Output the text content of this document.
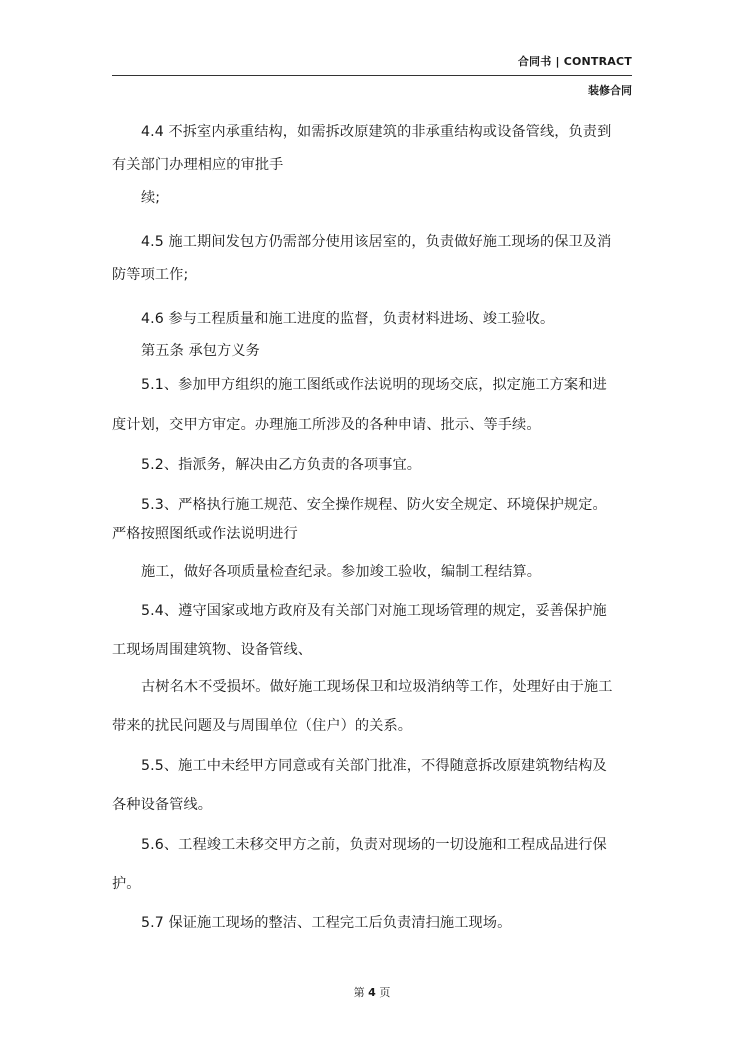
合同书 | CONTRACT
装修合同
4.4 不拆室内承重结构，如需拆改原建筑的非承重结构或设备管线，负责到
有关部门办理相应的审批手
续;
4.5 施工期间发包方仍需部分使用该居室的，负责做好施工现场的保卫及消
防等项工作;
4.6 参与工程质量和施工进度的监督，负责材料进场、竣工验收。
第五条 承包方义务
5.1、参加甲方组织的施工图纸或作法说明的现场交底，拟定施工方案和进
度计划，交甲方审定。办理施工所涉及的各种申请、批示、等手续。
5.2、指派务，解决由乙方负责的各项事宜。
5.3、严格执行施工规范、安全操作规程、防火安全规定、环境保护规定。
严格按照图纸或作法说明进行
施工，做好各项质量检查纪录。参加竣工验收，编制工程结算。
5.4、遵守国家或地方政府及有关部门对施工现场管理的规定，妥善保护施
工现场周围建筑物、设备管线、
古树名木不受损坏。做好施工现场保卫和垃圾消纳等工作，处理好由于施工
带来的扰民问题及与周围单位（住户）的关系。
5.5、施工中未经甲方同意或有关部门批准，不得随意拆改原建筑物结构及
各种设备管线。
5.6、工程竣工未移交甲方之前，负责对现场的一切设施和工程成品进行保
护。
5.7 保证施工现场的整洁、工程完工后负责清扫施工现场。
第 4 页
